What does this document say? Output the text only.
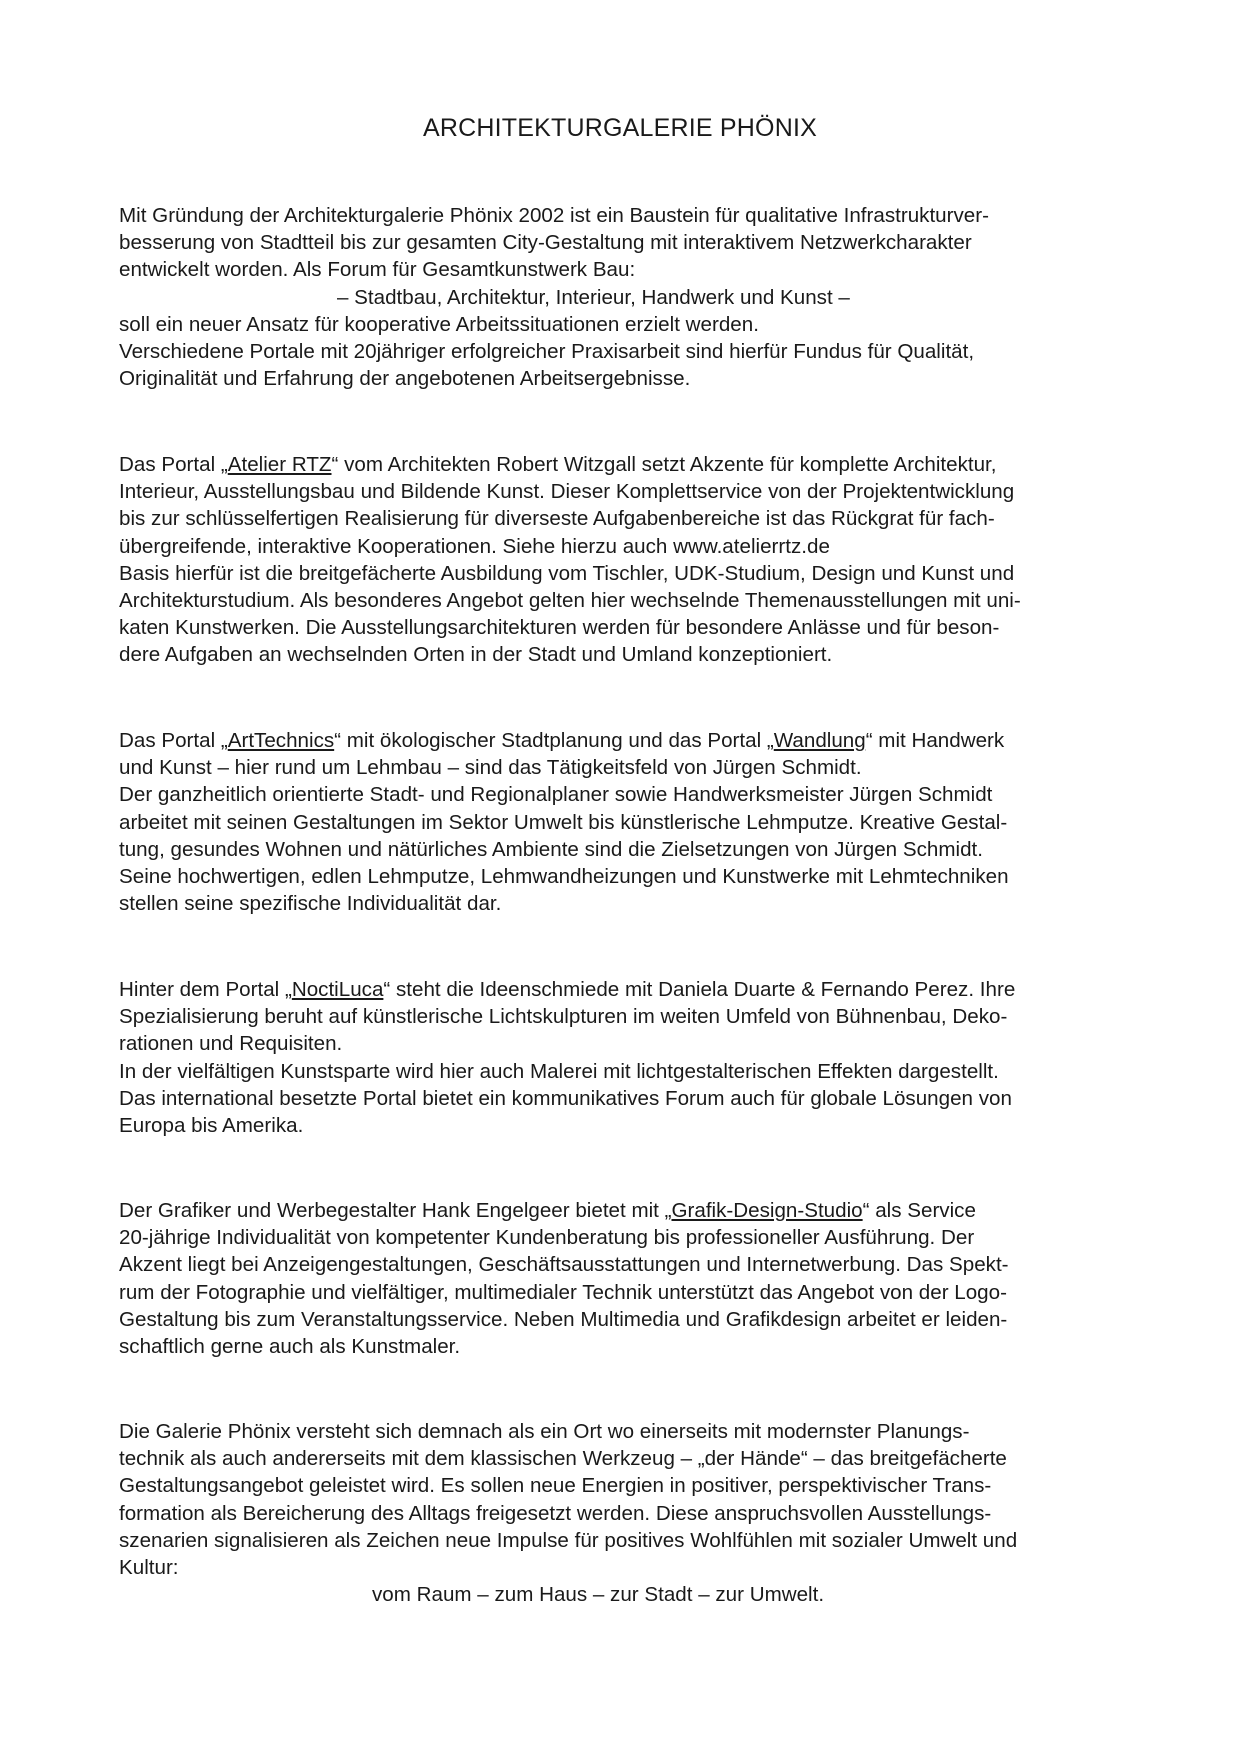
ARCHITEKTURGALERIE PHÖNIX
Mit Gründung der Architekturgalerie Phönix 2002 ist ein Baustein für qualitative Infrastrukturver-
besserung von Stadtteil bis zur gesamten City-Gestaltung mit interaktivem Netzwerkcharakter
entwickelt worden. Als Forum für Gesamtkunstwerk Bau:
– Stadtbau, Architektur, Interieur, Handwerk und Kunst –
soll ein neuer Ansatz für kooperative Arbeitssituationen erzielt werden.
Verschiedene Portale mit 20jähriger erfolgreicher Praxisarbeit sind hierfür Fundus für Qualität,
Originalität und Erfahrung der angebotenen Arbeitsergebnisse.
Das Portal „Atelier RTZ“ vom Architekten Robert Witzgall setzt Akzente für komplette Architektur,
Interieur, Ausstellungsbau und Bildende Kunst. Dieser Komplettservice von der Projektentwicklung
bis zur schlüsselfertigen Realisierung für diverseste Aufgabenbereiche ist das Rückgrat für fach-
übergreifende, interaktive Kooperationen. Siehe hierzu auch www.atelierrtz.de
Basis hierfür ist die breitgefächerte Ausbildung vom Tischler, UDK-Studium, Design und Kunst und
Architekturstudium. Als besonderes Angebot gelten hier wechselnde Themenausstellungen mit uni-
katen Kunstwerken. Die Ausstellungsarchitekturen werden für besondere Anlässe und für beson-
dere Aufgaben an wechselnden Orten in der Stadt und Umland konzeptioniert.
Das Portal „ArtTechnics“ mit ökologischer Stadtplanung und das Portal „Wandlung“ mit Handwerk
und Kunst – hier rund um Lehmbau – sind das Tätigkeitsfeld von Jürgen Schmidt.
Der ganzheitlich orientierte Stadt- und Regionalplaner sowie Handwerksmeister Jürgen Schmidt
arbeitet mit seinen Gestaltungen im Sektor Umwelt bis künstlerische Lehmputze. Kreative Gestal-
tung, gesundes Wohnen und nätürliches Ambiente sind die Zielsetzungen von Jürgen Schmidt.
Seine hochwertigen, edlen Lehmputze, Lehmwandheizungen und Kunstwerke mit Lehmtechniken
stellen seine spezifische Individualität dar.
Hinter dem Portal „NoctiLuca“ steht die Ideenschmiede mit Daniela Duarte & Fernando Perez. Ihre
Spezialisierung beruht auf künstlerische Lichtskulpturen im weiten Umfeld von Bühnenbau, Deko-
rationen und Requisiten.
In der vielfältigen Kunstsparte wird hier auch Malerei mit lichtgestalterischen Effekten dargestellt.
Das international besetzte Portal bietet ein kommunikatives Forum auch für globale Lösungen von
Europa bis Amerika.
Der Grafiker und Werbegestalter Hank Engelgeer bietet mit „Grafik-Design-Studio“ als Service
20-jährige Individualität von kompetenter Kundenberatung bis professioneller Ausführung. Der
Akzent liegt bei Anzeigengestaltungen, Geschäftsausstattungen und Internetwerbung. Das Spekt-
rum der Fotographie und vielfältiger, multimedialer Technik unterstützt das Angebot von der Logo-
Gestaltung bis zum Veranstaltungsservice. Neben Multimedia und Grafikdesign arbeitet er leiden-
schaftlich gerne auch als Kunstmaler.
Die Galerie Phönix versteht sich demnach als ein Ort wo einerseits mit modernster Planungs-
technik als auch andererseits mit dem klassischen Werkzeug – „der Hände“ – das breitgefächerte
Gestaltungsangebot geleistet wird. Es sollen neue Energien in positiver, perspektivischer Trans-
formation als Bereicherung des Alltags freigesetzt werden. Diese anspruchsvollen Ausstellungs-
szenarien signalisieren als Zeichen neue Impulse für positives Wohlfühlen mit sozialer Umwelt und
Kultur:
vom Raum – zum Haus – zur Stadt – zur Umwelt.
